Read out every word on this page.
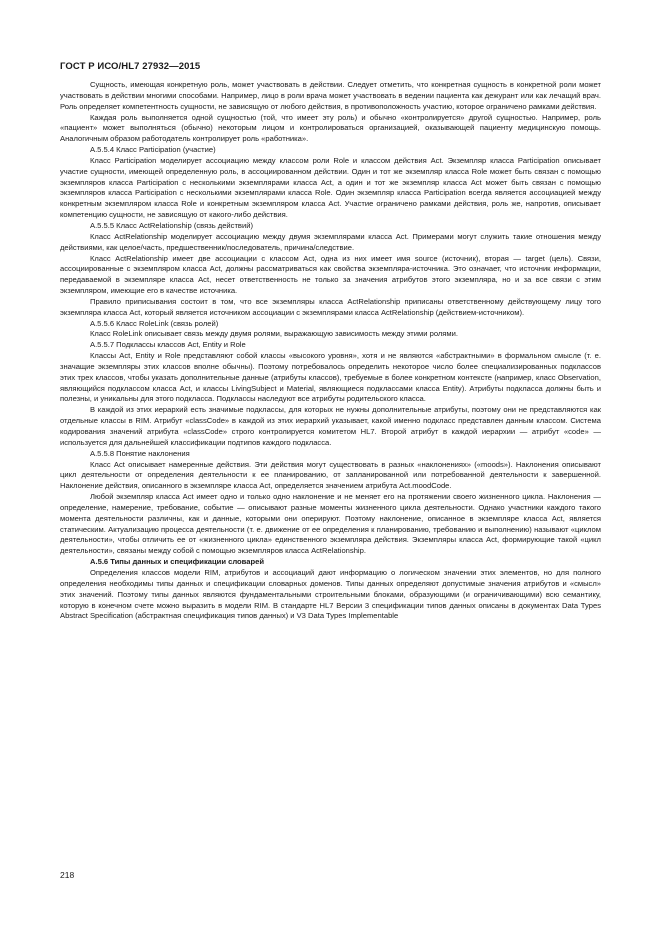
ГОСТ Р ИСО/HL7 27932—2015

Сущность, имеющая конкретную роль, может участвовать в действии. Следует отметить, что конкретная сущность в конкретной роли может участвовать в действии многими способами. Например, лицо в роли врача может участвовать в ведении пациента как дежурант или как лечащий врач. Роль определяет компетентность сущности, не зависящую от любого действия, в противоположность участию, которое ограничено рамками действия.

Каждая роль выполняется одной сущностью (той, что имеет эту роль) и обычно «контролируется» другой сущностью. Например, роль «пациент» может выполняться (обычно) некоторым лицом и контролироваться организацией, оказывающей пациенту медицинскую помощь. Аналогичным образом работодатель контролирует роль «работника».

А.5.5.4 Класс Participation (участие)

Класс Participation моделирует ассоциацию между классом роли Role и классом действия Act. Экземпляр класса Participation описывает участие сущности, имеющей определенную роль, в ассоциированном действии. Один и тот же экземпляр класса Role может быть связан с помощью экземпляров класса Participation с несколькими экземплярами класса Act, а один и тот же экземпляр класса Act может быть связан с помощью экземпляров класса Participation с несколькими экземплярами класса Role. Один экземпляр класса Participation всегда является ассоциацией между конкретным экземпляром класса Role и конкретным экземпляром класса Act. Участие ограничено рамками действия, роль же, напротив, описывает компетенцию сущности, не зависящую от какого-либо действия.

А.5.5.5 Класс ActRelationship (связь действий)

Класс ActRelationship моделирует ассоциацию между двумя экземплярами класса Act. Примерами могут служить такие отношения между действиями, как целое/часть, предшественник/последователь, причина/следствие.

Класс ActRelationship имеет две ассоциации с классом Act, одна из них имеет имя source (источник), вторая — target (цель). Связи, ассоциированные с экземпляром класса Act, должны рассматриваться как свойства экземпляра-источника. Это означает, что источник информации, передаваемой в экземпляре класса Act, несет ответственность не только за значения атрибутов этого экземпляра, но и за все связи с этим экземпляром, имеющие его в качестве источника.

Правило приписывания состоит в том, что все экземпляры класса ActRelationship приписаны ответственному действующему лицу того экземпляра класса Act, который является источником ассоциации с экземплярами класса ActRelationship (действием-источником).

А.5.5.6 Класс RoleLink (связь ролей)

Класс RoleLink описывает связь между двумя ролями, выражающую зависимость между этими ролями.

А.5.5.7 Подклассы классов Act, Entity и Role

Классы Act, Entity и Role представляют собой классы «высокого уровня», хотя и не являются «абстрактными» в формальном смысле (т. е. значащие экземпляры этих классов вполне обычны). Поэтому потребовалось определить некоторое число более специализированных подклассов этих трех классов, чтобы указать дополнительные данные (атрибуты классов), требуемые в более конкретном контексте (например, класс Observation, являющийся подклассом класса Act, и классы LivingSubject и Material, являющиеся подклассами класса Entity). Атрибуты подкласса должны быть и полезны, и уникальны для этого подкласса. Подклассы наследуют все атрибуты родительского класса.

В каждой из этих иерархий есть значимые подклассы, для которых не нужны дополнительные атрибуты, поэтому они не представляются как отдельные классы в RIM. Атрибут «classCode» в каждой из этих иерархий указывает, какой именно подкласс представлен данным классом. Система кодирования значений атрибута «classCode» строго контролируется комитетом HL7. Второй атрибут в каждой иерархии — атрибут «code» — используется для дальнейшей классификации подтипов каждого подкласса.

А.5.5.8 Понятие наклонения

Класс Act описывает намеренные действия. Эти действия могут существовать в разных «наклонениях» («moods»). Наклонения описывают цикл деятельности от определения деятельности к ее планированию, от запланированной или потребованной деятельности к завершенной. Наклонение действия, описанного в экземпляре класса Act, определяется значением атрибута Act.moodCode.

Любой экземпляр класса Act имеет одно и только одно наклонение и не меняет его на протяжении своего жизненного цикла. Наклонения — определение, намерение, требование, событие — описывают разные моменты жизненного цикла деятельности. Однако участники каждого такого момента деятельности различны, как и данные, которыми они оперируют. Поэтому наклонение, описанное в экземпляре класса Act, является статическим. Актуализацию процесса деятельности (т. е. движение от ее определения к планированию, требованию и выполнению) называют «циклом деятельности», чтобы отличить ее от «жизненного цикла» единственного экземпляра действия. Экземпляры класса Act, формирующие такой «цикл деятельности», связаны между собой с помощью экземпляров класса ActRelationship.

А.5.6 Типы данных и спецификации словарей

Определения классов модели RIM, атрибутов и ассоциаций дают информацию о логическом значении этих элементов, но для полного определения необходимы типы данных и спецификации словарных доменов. Типы данных определяют допустимые значения атрибутов и «смысл» этих значений. Поэтому типы данных являются фундаментальными строительными блоками, образующими (и ограничивающими) всю семантику, которую в конечном счете можно выразить в модели RIM. В стандарте HL7 Версии 3 спецификации типов данных описаны в документах Data Types Abstract Specification (абстрактная спецификация типов данных) и V3 Data Types Implementable

218
